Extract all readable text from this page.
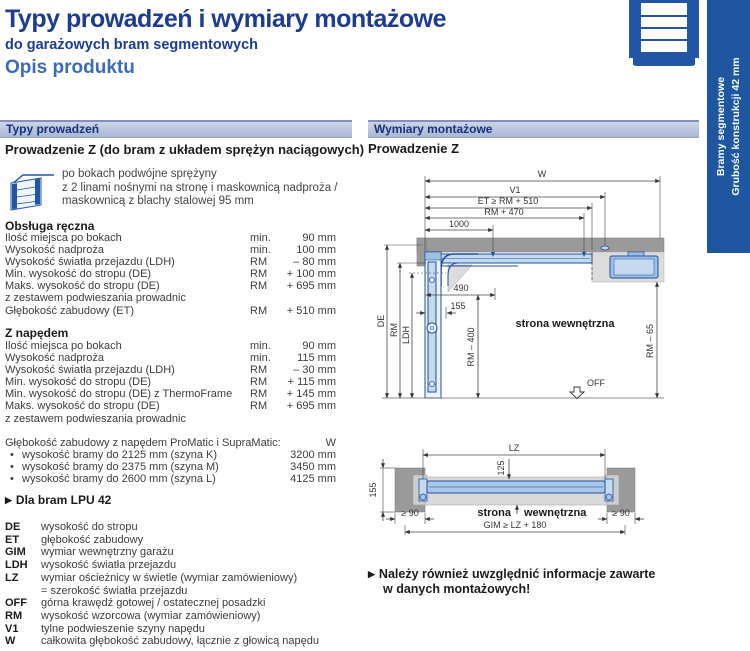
Typy prowadzeń i wymiary montażowe
do garażowych bram segmentowych
Opis produktu
Bramy segmentowe Grubość konstrukcji 42 mm
Typy prowadzeń	Wymiary montażowe
Prowadzenie Z (do bram z układem sprężyn naciągowych)
po bokach podwójne sprężyny
z 2 linami nośnymi na stronę i maskownicą nadproża /
maskownicą z blachy stalowej 95 mm
Obsługa ręczna
Ilość miejsca po bokach	min.	90 mm
Wysokość nadproża	min.	100 mm
Wysokość światła przejazdu (LDH)	RM	– 80 mm
Min. wysokość do stropu (DE)	RM	+ 100 mm
Maks. wysokość do stropu (DE)	RM	+ 695 mm
z zestawem podwieszania prowadnic
Głębokość zabudowy (ET)	RM	+ 510 mm
Z napędem
Ilość miejsca po bokach	min.	90 mm
Wysokość nadproża	min.	115 mm
Wysokość światła przejazdu (LDH)	RM	– 30 mm
Min. wysokość do stropu (DE)	RM	+ 115 mm
Min. wysokość do stropu (DE) z ThermoFrame	RM	+ 145 mm
Maks. wysokość do stropu (DE)	RM	+ 695 mm
z zestawem podwieszania prowadnic
Głębokość zabudowy z napędem ProMatic i SupraMatic:	W
• wysokość bramy do 2125 mm (szyna K)	3200 mm
• wysokość bramy do 2375 mm (szyna M)	3450 mm
• wysokość bramy do 2600 mm (szyna L)	4125 mm
▶ Dla bram LPU 42
DE	wysokość do stropu
ET	głębokość zabudowy
GIM	wymiar wewnętrzny garażu
LDH	wysokość światła przejazdu
LZ	wymiar ościeżnicy w świetle (wymiar zamówieniowy)
= szerokość światła przejazdu
OFF	górna krawędź gotowej / ostatecznej posadzki
RM	wysokość wzorcowa (wymiar zamówieniowy)
V1	tylne podwieszenie szyny napędu
W	całkowita głębokość zabudowy, łącznie z głowicą napędu
Prowadzenie Z
W
V1
ET ≥ RM + 510
RM + 470
1000
DE
RM LDH
490
155
RM – 400	RM – 65
strona wewnętrzna
OFF
LZ
125
155
≥ 90	≥ 90
GIM ≥ LZ + 180
strona wewnętrzna
▶ Należy również uwzględnić informacje zawarte
w danych montażowych!
